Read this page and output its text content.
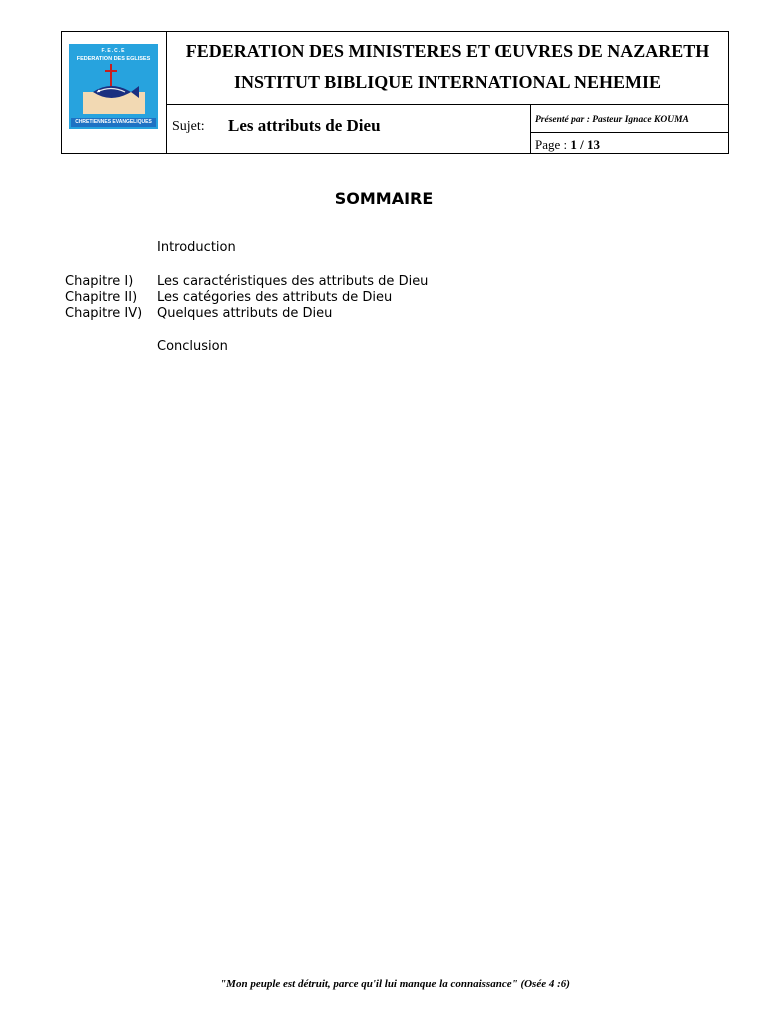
F.E.C.E
FEDERATION DES EGLISES
CHRETIENNES EVANGELIQUES
FEDERATION DES MINISTERES ET ŒUVRES DE NAZARETH
INSTITUT BIBLIQUE INTERNATIONAL NEHEMIE
Sujet: Les attributs de Dieu	Présenté par : Pasteur Ignace KOUMA
Page : 1 / 13
SOMMAIRE
Introduction
Chapitre I) Les caractéristiques des attributs de Dieu
Chapitre II) Les catégories des attributs de Dieu
Chapitre IV) Quelques attributs de Dieu
Conclusion
"Mon peuple est détruit, parce qu'il lui manque la connaissance" (Osée 4 :6)
